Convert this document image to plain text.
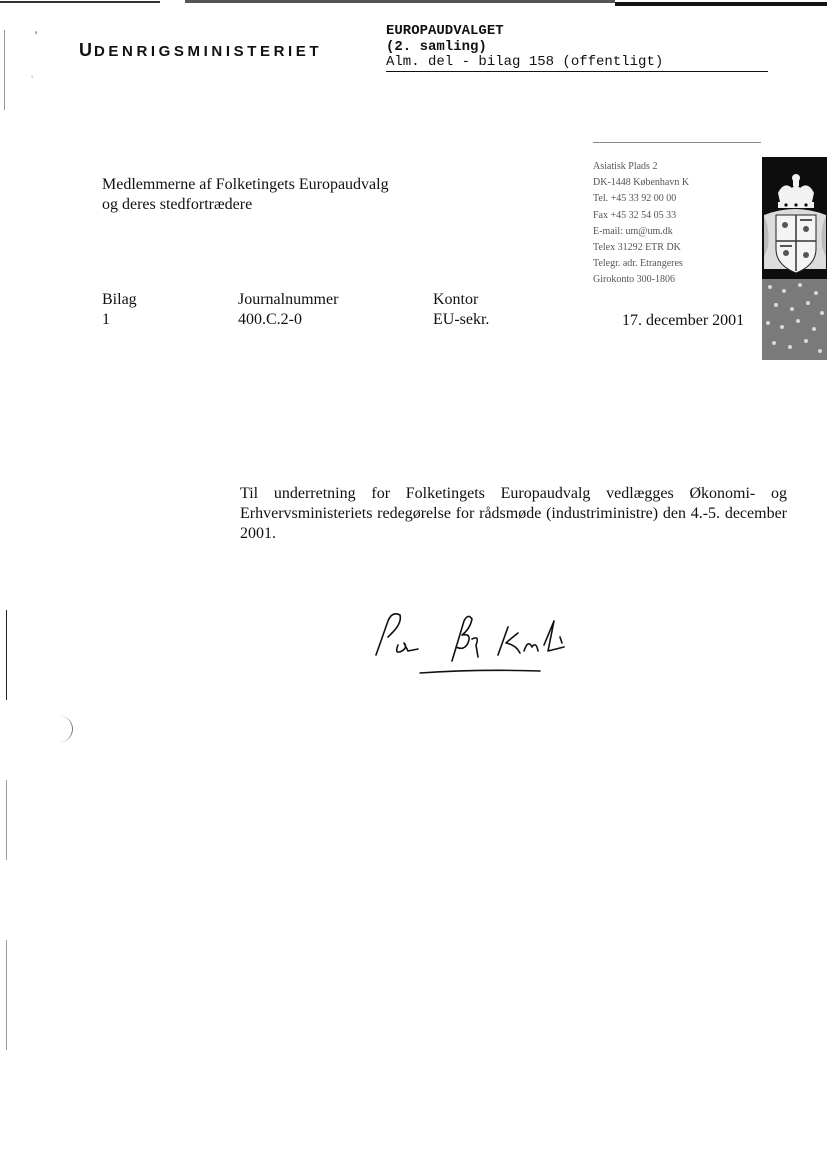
'
'
UDENRIGSMINISTERIET
EUROPAUDVALGET
(2. samling)
Alm. del - bilag 158 (offentligt)
Medlemmerne af Folketingets Europaudvalg
og deres stedfortrædere
Asiatisk Plads 2
DK-1448 København K
Tel. +45 33 92 00 00
Fax +45 32 54 05 33
E-mail: um@um.dk
Telex 31292 ETR DK
Telegr. adr. Etrangeres
Girokonto 300-1806
Bilag
1
Journalnummer
400.C.2-0
Kontor
EU-sekr.	17. december 2001
Til underretning for Folketingets Europaudvalg vedlægges Økonomi- og Erhvervsministeriets redegørelse for rådsmøde (industriministre) den 4.-5. december 2001.
